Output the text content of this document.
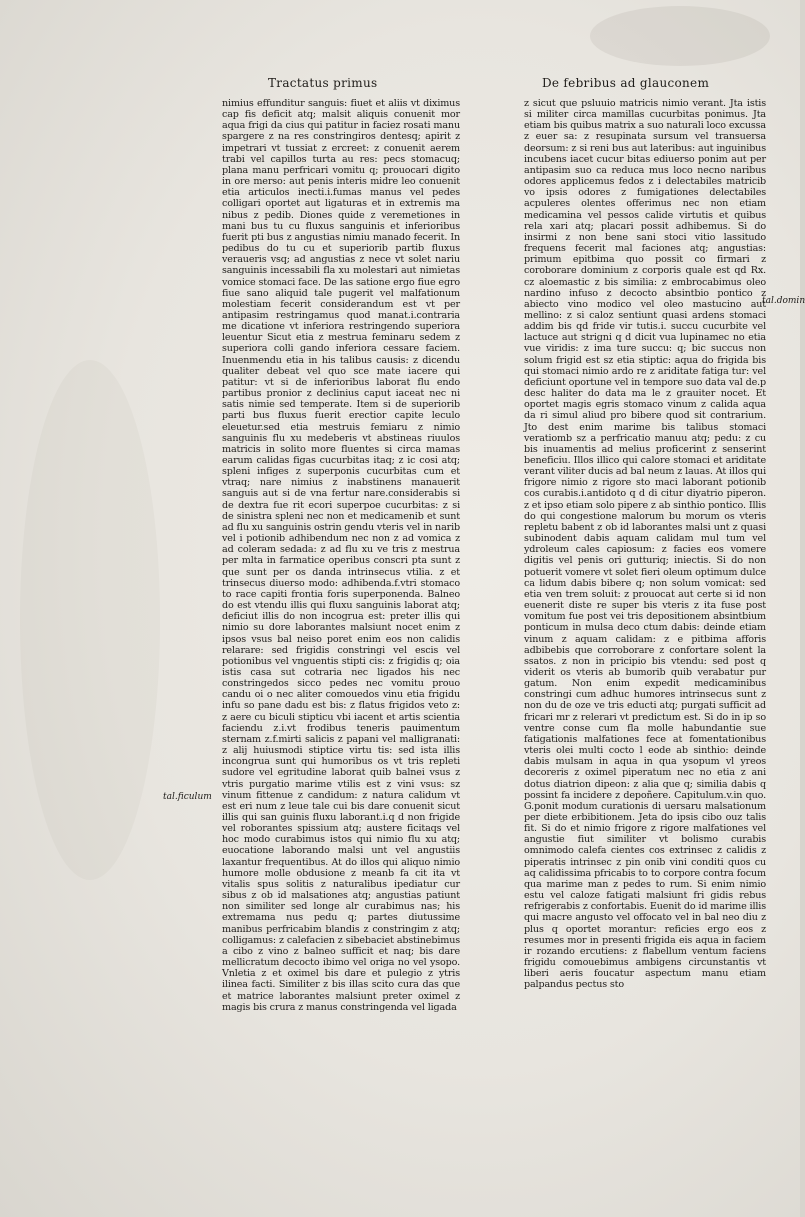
Tractatus primus	De febribus ad glauconem

nimius effunditur sanguis: fiuet et aliis vt diximus cap fis deficit atq; malsit aliquis conuenit mor aqua frigi da cius qui patitur in faciez rosati manu spargere z na res constringiros dentesq; apirit z impetrari vt tussiat z ercreet: z conuenit aerem trabi vel capillos turta au res: pecs stomacuq; plana manu perfricari vomitu q; prouocari digito in ore merso: aut penis interis midre leo conuenit etia articulos inecti.i.fumas manus vel pedes colligari oportet aut ligaturas et in extremis ma nibus z pedib. Diones quide z veremetiones in mani bus tu cu fluxus sanguinis et inferioribus fuerit pti bus z angustias nimiu manado fecerit. In pedibus do tu cu et superiorib partib fluxus veraueris vsq; ad angustias z nece vt solet nariu sanguinis incessabili fla xu molestari aut nimietas vomice stomaci face. De las satione ergo fiue egro fiue sano aliquid tale pugerit vel malfationum molestiam fecerit considerandum est vt per antipasim restringamus quod manat.i.contraria me dicatione vt inferiora restringendo superiora leuentur Sicut etia z mestrua feminaru sedem z superiora colli gando inferiora cessare faciem. Inuenmendu etia in his talibus causis: z dicendu qualiter debeat vel quo sce mate iacere qui patitur: vt si de inferioribus laborat flu endo partibus pronior z declinius caput iaceat nec ni satis nimie sed temperate. Item si de superiorib parti bus fluxus fuerit erectior capite leculo eleuetur.sed etia mestruis femiaru z nimio sanguinis flu xu medeberis vt abstineas riuulos matricis in solito more fluentes si circa mamas earum calidas figas cucurbitas itaq; z ic cosi atq; spleni infiges z superponis cucurbitas cum et vtraq; nare nimius z inabstinens manauerit sanguis aut si de vna fertur nare.considerabis si de dextra fue rit ecori superpoe cucurbitas: z si de sinistra spleni nec non et medicamenib et sunt ad flu xu sanguinis ostrin gendu vteris vel in narib vel i potionib adhibendum nec non z ad vomica z ad coleram sedada: z ad flu xu ve tris z mestrua per mlta in farmatice operibus conscri pta sunt z que sunt per os danda intrinsecus vtilia. z et trinsecus diuerso modo: adhibenda.f.vtri stomaco to race capiti frontia foris superponenda. Balneo do est vtendu illis qui fluxu sanguinis laborat atq; deficiut illis do non incogrua est: preter illis qui nimio su dore laborantes malsiunt nocet enim z ipsos vsus bal neiso poret enim eos non calidis relarare: sed frigidis constringi vel escis vel potionibus vel vnguentis stipti cis: z frigidis q; oia istis casa sut cotraria nec ligados his nec constringedos sicco pedes nec vomitu prouo candu oi o nec aliter comouedos vinu etia frigidu infu so pane dadu est bis: z flatus frigidos veto z: z aere cu biculi stipticu vbi iacent et artis scientia faciendu z.i.vt frodibus teneris pauimentum sternam z.f.mirti salicis z papani vel malligranati: z alij huiusmodi stiptice virtu tis: sed ista illis incongrua sunt qui humoribus os vt tris repleti sudore vel egritudine laborat quib balnei vsus z vtris purgatio marime vtilis est z vini vsus: sz vinum fittenue z candidum: z natura calidum vt est eri num z leue tale cui bis dare conuenit sicut illis qui san guinis fluxu laborant.i.q d non frigide vel roborantes spissium atq; austere ficitaqs vel hoc modo curabimus istos qui nimio flu xu atq; euocatione laborando malsi unt vel angustiis laxantur frequentibus. At do illos qui aliquo nimio humore molle obdusione z meanb fa cit ita vt vitalis spus solitis z naturalibus ipediatur cur sibus z ob id malsationes atq; angustias patiunt non similiter sed longe alr curabimus nas; his extremama nus pedu q; partes diutussime manibus perfricabim blandis z constringim z atq; colligamus: z calefacien z sibebaciet abstinebimus a cibo z vino z balneo sufficit et naq; bis dare mellicratum decocto ibimo vel origa no vel ysopo. Vnletia z et oximel bis dare et pulegio z ytris ilinea facti. Similiter z bis illas scito cura das que et matrice laborantes malsiunt preter oximel z magis bis crura z manus constringenda vel ligada

z sicut que psluuio matricis nimio verant. Jta istis si militer circa mamillas cucurbitas ponimus. Jta etiam bis quibus matrix a suo naturali loco excussa z euer sa: z resupinata sursum vel transuersa deorsum: z si reni bus aut lateribus: aut inguinibus incubens iacet cucur bitas ediuerso ponim aut per antipasim suo ca reduca mus loco necno naribus odores applicemus fedos z i delectabiles matricib vo ipsis odores z fumigationes delectabiles acpuleres olentes offerimus nec non etiam medicamina vel pessos calide virtutis et quibus rela xari atq; placari possit adhibemus. Si do insirmi z non bene sani stoci vitio lassitudo frequens fecerit mal faciones atq; angustias: primum epitbima quo possit co firmari z coroborare dominium z corporis quale est qd Rx. cz aloemastic z bis similia: z embrocabimus oleo nardino infuso z decocto absintbio pontico z abiecto vino modico vel oleo mastucino aut mellino: z si caloz sentiunt quasi ardens stomaci addim bis qd fride vir tutis.i. succu cucurbite vel lactuce aut strigni q d dicit vua lupinamec no etia vue viridis: z ima ture succu: q; bic succus non solum frigid est sz etia stiptic: aqua do frigida bis qui stomaci nimio ardo re z ariditate fatiga tur: vel deficiunt oportune vel in tempore suo data val de.p desc haliter do data ma le z grauiter nocet. Et oportet magis egris stomaco vinum z calida aqua da ri simul aliud pro bibere quod sit contrarium. Jto dest enim marime bis talibus stomaci veratiomb sz a perfricatio manuu atq; pedu: z cu bis inuamentis ad melius proficerint z senserint beneficiu. Illos illico qui calore stomaci et ariditate verant viliter ducis ad bal neum z lauas. At illos qui frigore nimio z rigore sto maci laborant potionib cos curabis.i.antidoto q d di citur diyatrio piperon. z et ipso etiam solo pipere z ab sinthio pontico. Illis do qui congestione malorum bu morum os vteris repletu babent z ob id laborantes malsi unt z quasi subinodent dabis aquam calidam mul tum vel ydroleum cales capiosum: z facies eos vomere digitis vel penis ori gutturiq; iniectis. Si do non potuerit vomere vt solet fieri oleum optimum dulce ca lidum dabis bibere q; non solum vomicat: sed etia ven trem soluit: z prouocat aut certe si id non euenerit diste re super bis vteris z ita fuse post vomitum fue post vei tris depositionem absintbium ponticum in mulsa deco ctum dabis: deinde etiam vinum z aquam calidam: z e pitbima afforis adbibebis que corroborare z confortare solent la ssatos. z non in pricipio bis vtendu: sed post q viderit os vteris ab bumorib quib verabatur pur gatum. Non enim expedit medicaminibus constringi cum adhuc humores intrinsecus sunt z non du de oze ve tris educti atq; purgati sufficit ad fricari mr z relerari vt predictum est. Si do in ip so ventre conse cum fla molle habundantie sue fatigationis malfationes fece at fomentationibus vteris olei multi cocto l eode ab sinthio: deinde dabis mulsam in aqua in qua ysopum vl yreos decoreris z oximel piperatum nec no etia z ani dotus diatrion dipeon: z alia que q; similia dabis q possint fa incidere z depoñere. Capitulum.v.in quo. G.ponit modum curationis di uersaru malsationum per diete erbibitionem. Jeta do ipsis cibo ouz talis fit. Si do et nimio frigore z rigore malfationes vel angustie fiut similiter vt bolismo curabis omnimodo calefa cientes cos extrinsec z calidis z piperatis intrinsec z pin onib vini conditi quos cu aq calidissima pfricabis to to corpore contra focum qua marime man z pedes to rum. Si enim nimio estu vel caloze fatigati malsiunt fri gidis rebus refrigerabis z confortabis. Euenit do id marime illis qui macre angusto vel offocato vel in bal neo diu z plus q oportet morantur: reficies ergo eos z resumes mor in presenti frigida eis aqua in faciem ir rozando ercutiens: z flabellum ventum faciens frigidu comouebimus ambigens circunstantis vt liberi aeris foucatur aspectum manu etiam palpandus pectus sto

tal.ficulum
tal.domin
